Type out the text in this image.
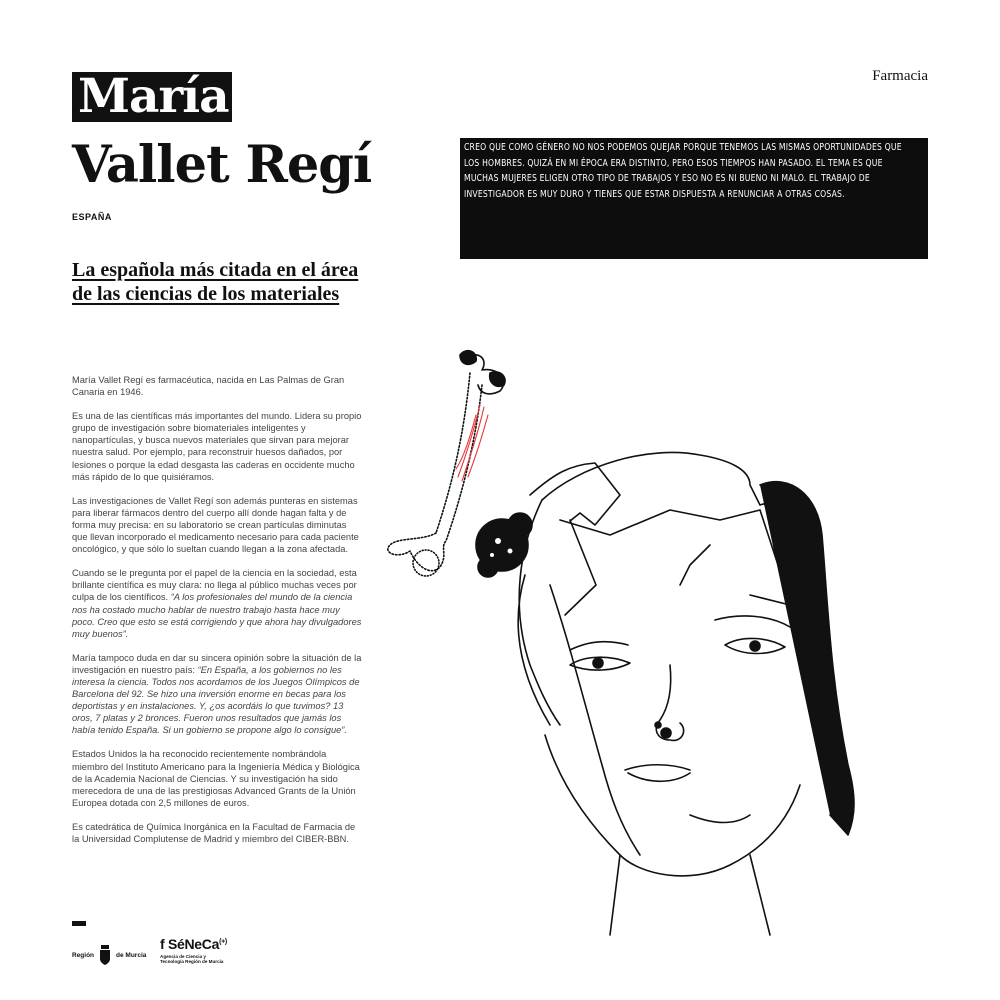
María
Vallet Regí
ESPAÑA
La española más citada en el área de las ciencias de los materiales
Farmacia
CREO QUE COMO GÉNERO NO NOS PODEMOS QUEJAR PORQUE TENEMOS LAS MISMAS OPORTUNIDADES QUE LOS HOMBRES. QUIZÁ EN MI ÉPOCA ERA DISTINTO, PERO ESOS TIEMPOS HAN PASADO. EL TEMA ES QUE MUCHAS MUJERES ELIGEN OTRO TIPO DE TRABAJOS Y ESO NO ES NI BUENO NI MALO. EL TRABAJO DE INVESTIGADOR ES MUY DURO Y TIENES QUE ESTAR DISPUESTA A RENUNCIAR A OTRAS COSAS.

María Vallet Regí es farmacéutica, nacida en Las Palmas de Gran Canaria en 1946.

Es una de las científicas más importantes del mundo. Lidera su propio grupo de investigación sobre biomateriales inteligentes y nanopartículas, y busca nuevos materiales que sirvan para mejorar nuestra salud. Por ejemplo, para reconstruir huesos dañados, por lesiones o porque la edad desgasta las caderas en occidente mucho más rápido de lo que quisiéramos.

Las investigaciones de Vallet Regí son además punteras en sistemas para liberar fármacos dentro del cuerpo allí donde hagan falta y de forma muy precisa: en su laboratorio se crean partículas diminutas que llevan incorporado el medicamento necesario para cada paciente oncológico, y que sólo lo sueltan cuando llegan a la zona afectada.

Cuando se le pregunta por el papel de la ciencia en la sociedad, esta brillante científica es muy clara: no llega al público muchas veces por culpa de los científicos. “A los profesionales del mundo de la ciencia nos ha costado mucho hablar de nuestro trabajo hasta hace muy poco. Creo que esto se está corrigiendo y que ahora hay divulgadores muy buenos”.

María tampoco duda en dar su sincera opinión sobre la situación de la investigación en nuestro país: “En España, a los gobiernos no les interesa la ciencia. Todos nos acordamos de los Juegos Olímpicos de Barcelona del 92. Se hizo una inversión enorme en becas para los deportistas y en instalaciones. Y, ¿os acordáis lo que tuvimos? 13 oros, 7 platas y 2 bronces. Fueron unos resultados que jamás los había tenido España. Si un gobierno se propone algo lo consigue”.

Estados Unidos la ha reconocido recientemente nombrándola miembro del Instituto Americano para la Ingeniería Médica y Biológica de la Academia Nacional de Ciencias. Y su investigación ha sido merecedora de una de las prestigiosas Advanced Grants de la Unión Europea dotada con 2,5 millones de euros.

Es catedrática de Química Inorgánica en la Facultad de Farmacia de la Universidad Complutense de Madrid y miembro del CIBER-BBN.

Región	de Murcia
f SéNeCa(+)
Agencia de Ciencia y Tecnología Región de Murcia
